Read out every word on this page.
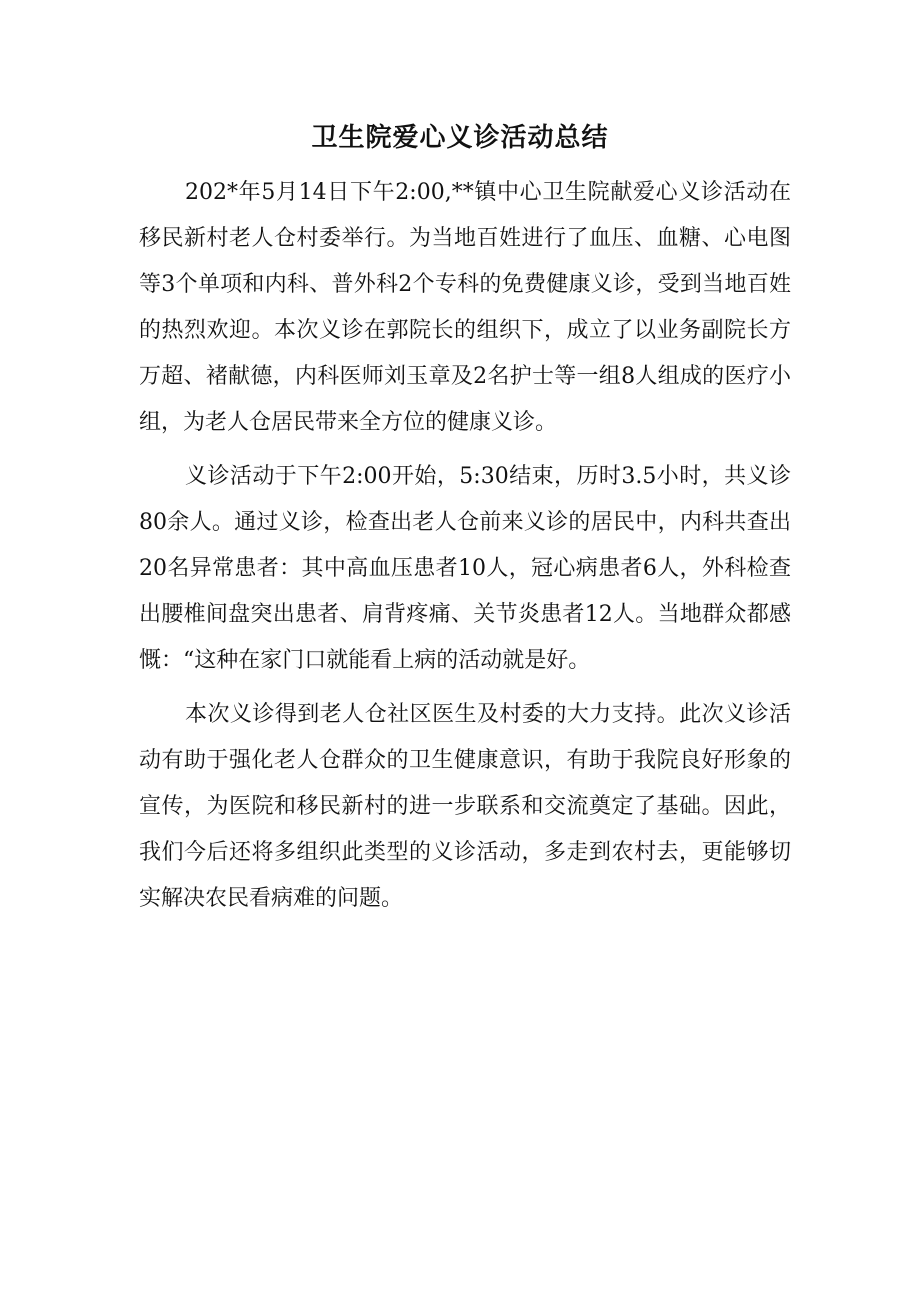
卫生院爱心义诊活动总结

202*年5月14日下午2:00,**镇中心卫生院献爱心义诊活动在移民新村老人仓村委举行。为当地百姓进行了血压、血糖、心电图等3个单项和内科、普外科2个专科的免费健康义诊，受到当地百姓的热烈欢迎。本次义诊在郭院长的组织下，成立了以业务副院长方万超、褚献德，内科医师刘玉章及2名护士等一组8人组成的医疗小组，为老人仓居民带来全方位的健康义诊。

义诊活动于下午2:00开始，5:30结束，历时3.5小时，共义诊80余人。通过义诊，检查出老人仓前来义诊的居民中，内科共查出20名异常患者：其中高血压患者10人，冠心病患者6人，外科检查出腰椎间盘突出患者、肩背疼痛、关节炎患者12人。当地群众都感慨：“这种在家门口就能看上病的活动就是好。

本次义诊得到老人仓社区医生及村委的大力支持。此次义诊活动有助于强化老人仓群众的卫生健康意识，有助于我院良好形象的宣传，为医院和移民新村的进一步联系和交流奠定了基础。因此，我们今后还将多组织此类型的义诊活动，多走到农村去，更能够切实解决农民看病难的问题。
